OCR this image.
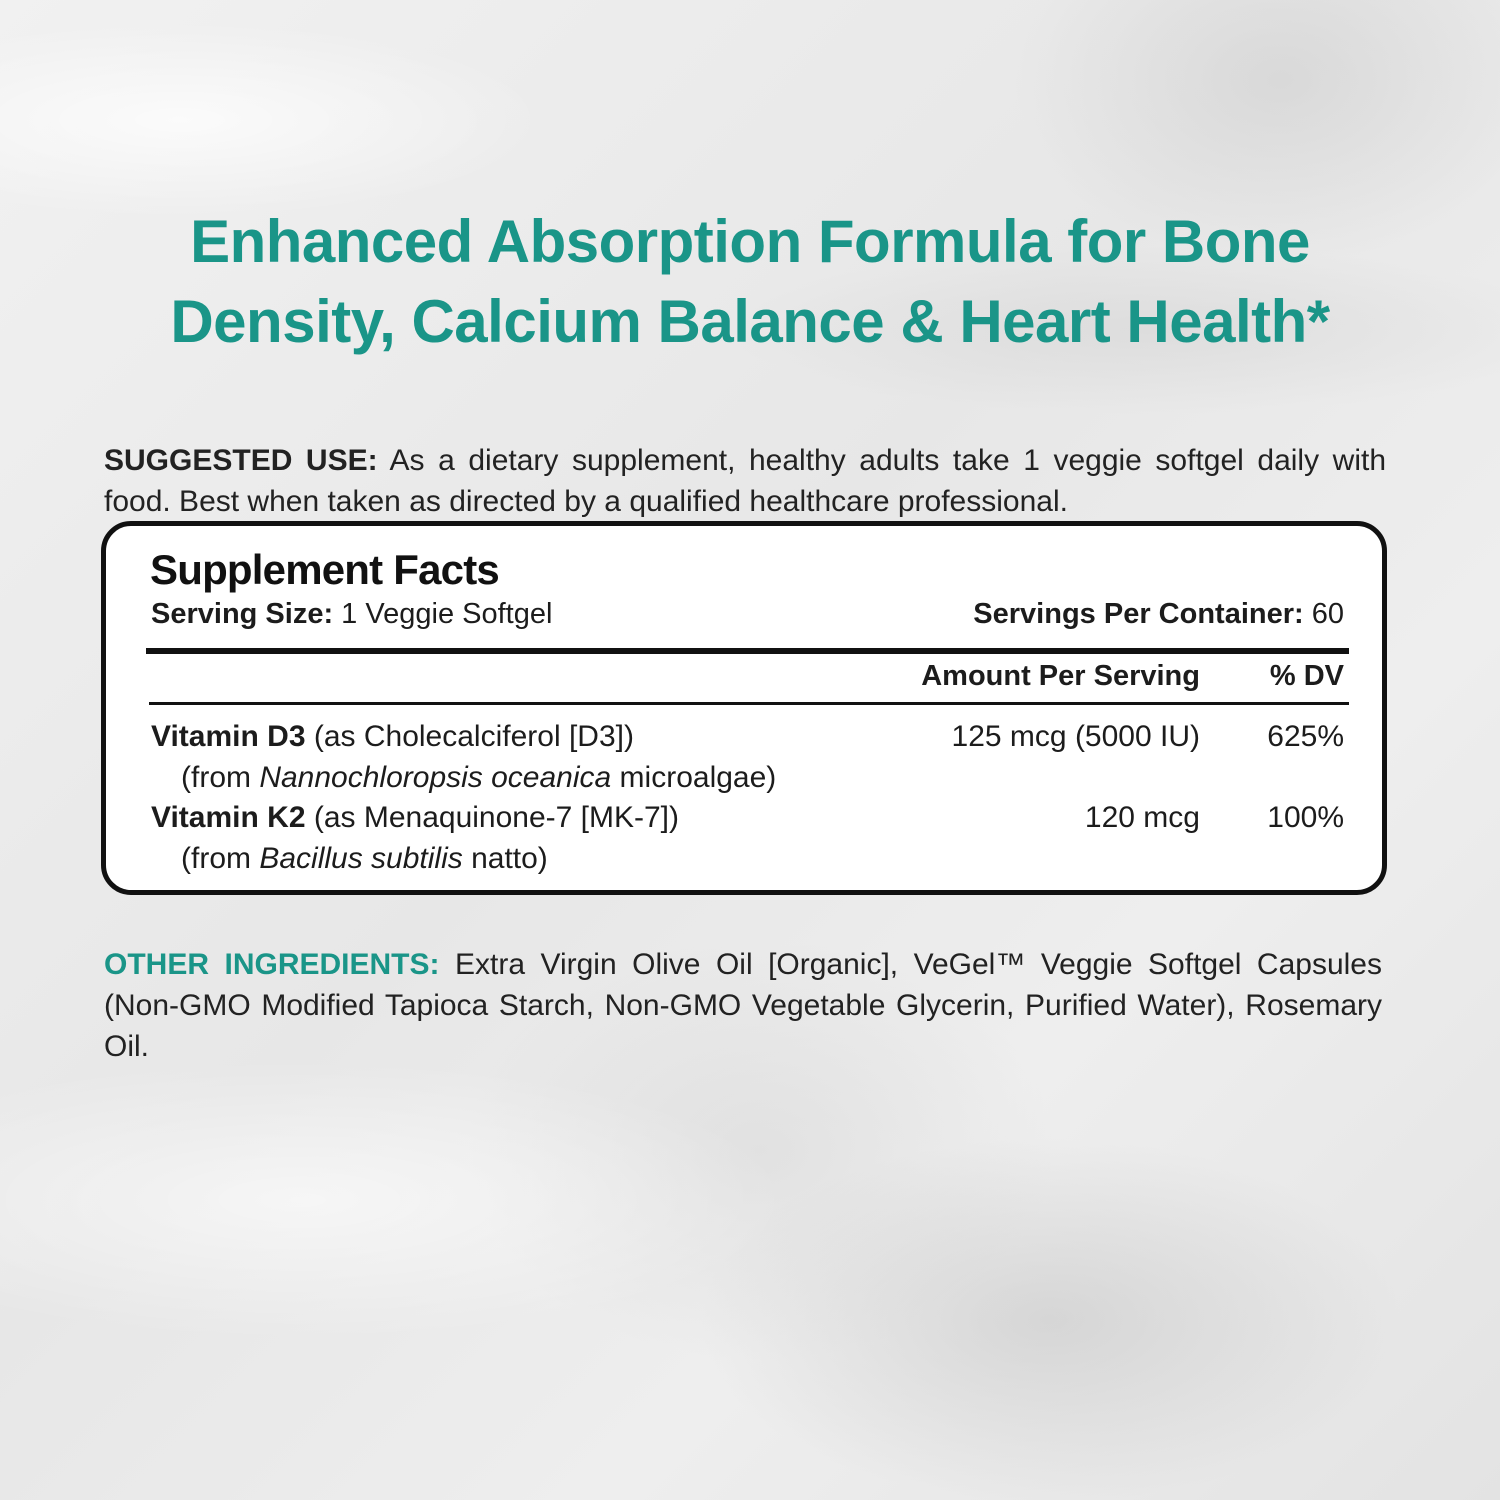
Enhanced Absorption Formula for Bone
Density, Calcium Balance & Heart Health*

SUGGESTED USE: As a dietary supplement, healthy adults take 1 veggie softgel daily with food. Best when taken as directed by a qualified healthcare professional.

Supplement Facts
Serving Size: 1 Veggie Softgel	Servings Per Container: 60
Amount Per Serving % DV
Vitamin D3 (as Cholecalciferol [D3])
(from Nannochloropsis oceanica microalgae)
125 mcg (5000 IU) 625%
Vitamin K2 (as Menaquinone-7 [MK-7])
(from Bacillus subtilis natto)
120 mcg 100%

OTHER INGREDIENTS: Extra Virgin Olive Oil [Organic], VeGel™ Veggie Softgel Capsules (Non-GMO Modified Tapioca Starch, Non-GMO Vegetable Glycerin, Purified Water), Rosemary Oil.
